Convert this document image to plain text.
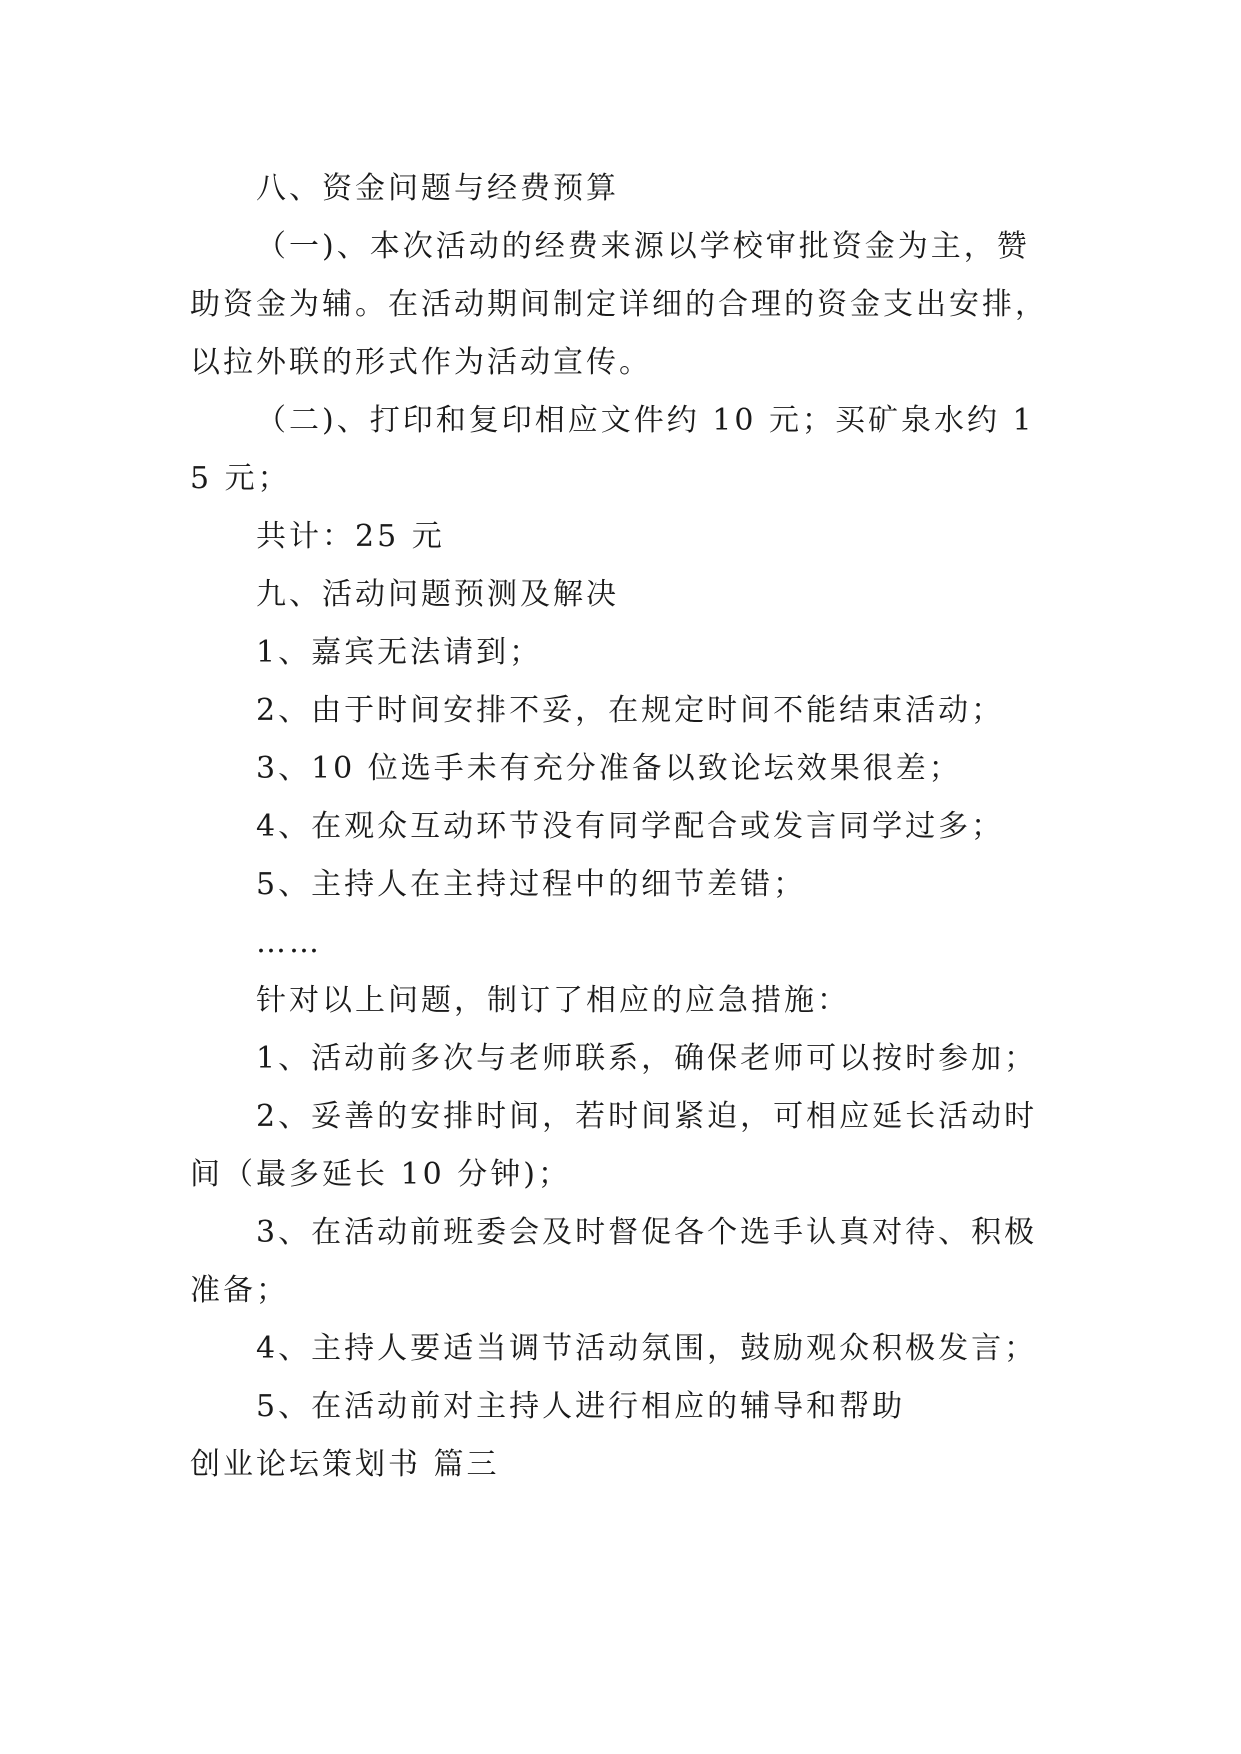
八、资金问题与经费预算

（一)、本次活动的经费来源以学校审批资金为主，赞助资金为辅。在活动期间制定详细的合理的资金支出安排，以拉外联的形式作为活动宣传。

（二)、打印和复印相应文件约 10 元；买矿泉水约 15 元；

共计：25 元

九、活动问题预测及解决

1、嘉宾无法请到；

2、由于时间安排不妥，在规定时间不能结束活动；

3、10 位选手未有充分准备以致论坛效果很差；

4、在观众互动环节没有同学配合或发言同学过多；

5、主持人在主持过程中的细节差错；

……

针对以上问题，制订了相应的应急措施：

1、活动前多次与老师联系，确保老师可以按时参加；

2、妥善的安排时间，若时间紧迫，可相应延长活动时间（最多延长 10 分钟)；

3、在活动前班委会及时督促各个选手认真对待、积极准备；

4、主持人要适当调节活动氛围，鼓励观众积极发言；

5、在活动前对主持人进行相应的辅导和帮助

创业论坛策划书 篇三
